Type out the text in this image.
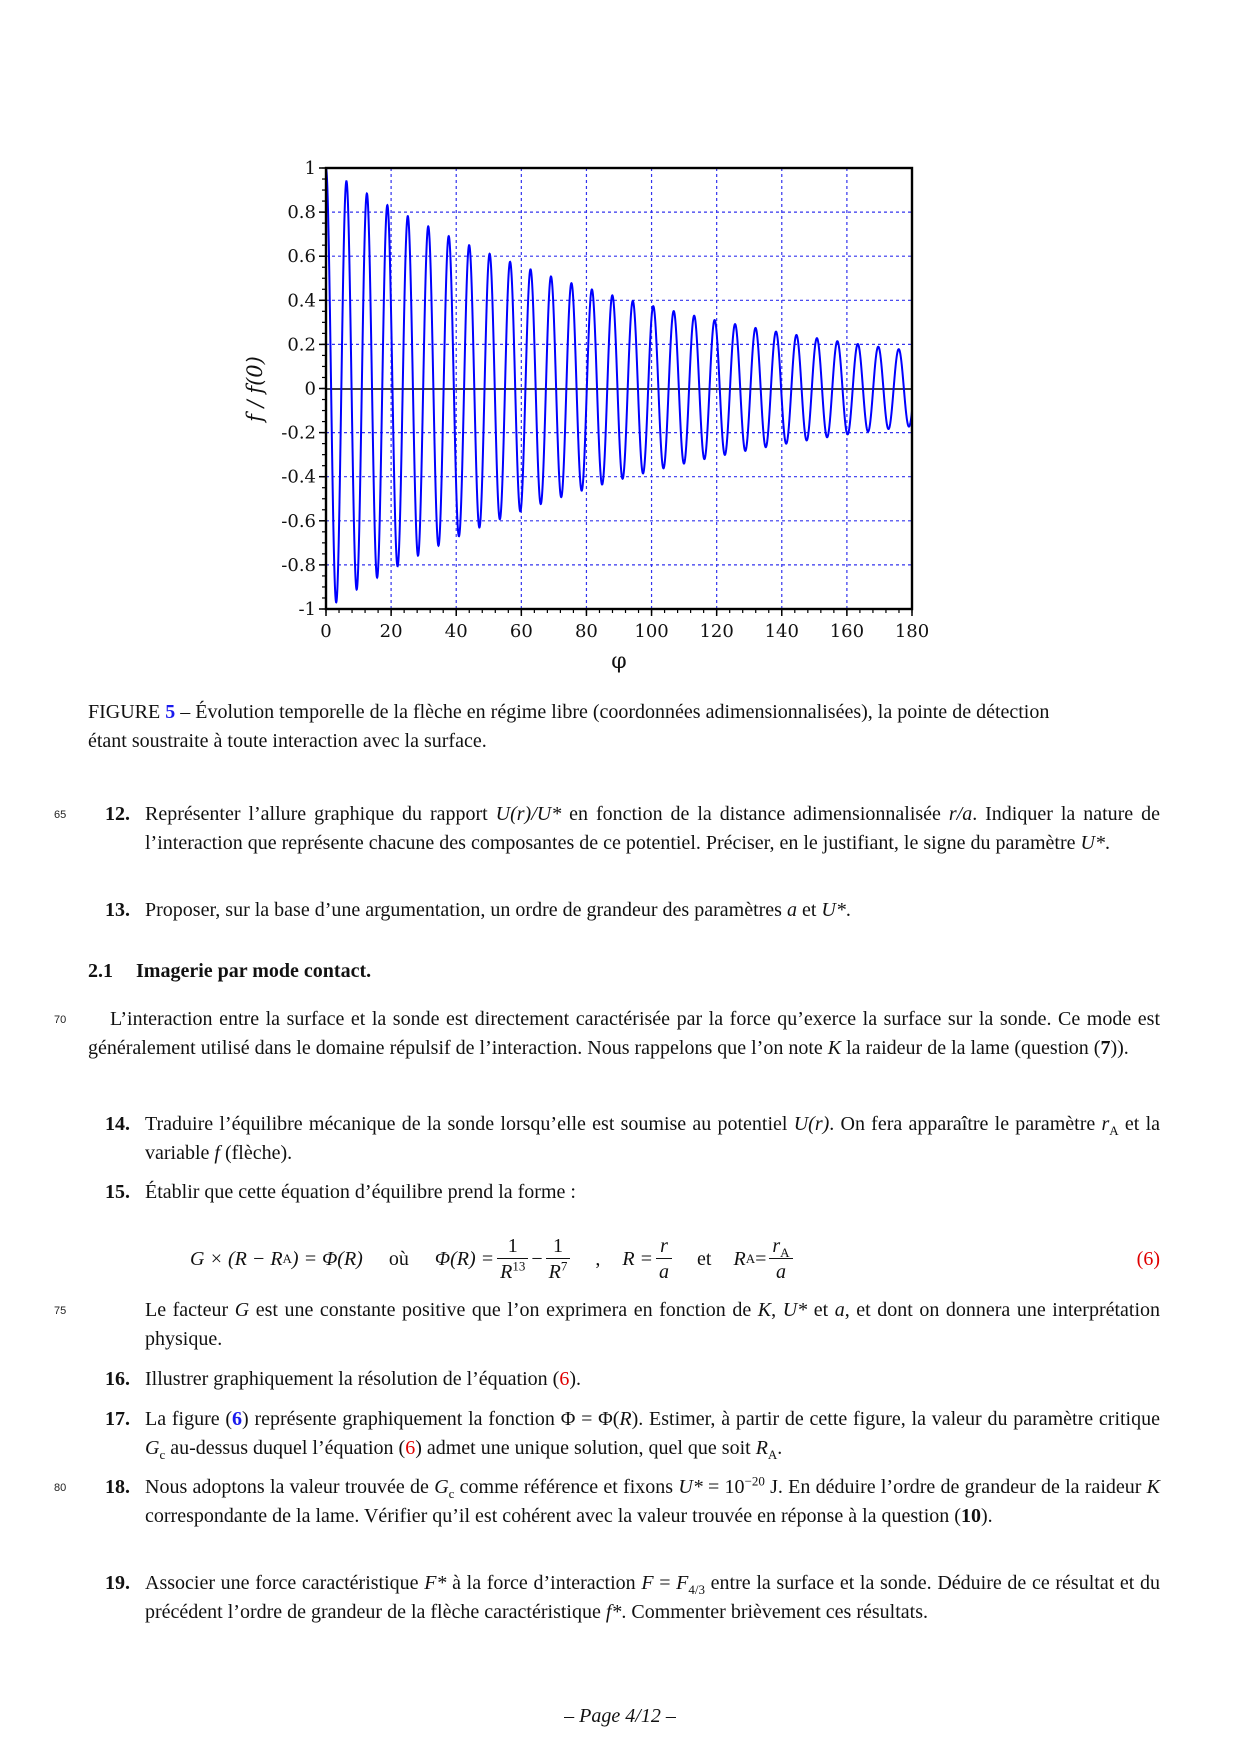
1
0.8
0.6
0.4
0.2
0
-0.2
-0.4
-0.6
-0.8
-1
0	20 40 60 80 100 120 140 160 180
φ
f / f(0)
FIGURE 5 – Évolution temporelle de la flèche en régime libre (coordonnées adimensionnalisées), la pointe de détection
étant soustraite à toute interaction avec la surface.
65 12. Représenter l’allure graphique du rapport U(r)/U* en fonction de la distance adimensionnalisée r/a. Indiquer la nature de l’interaction que représente chacune des composantes de ce potentiel. Préciser, en le justifiant, le signe du paramètre U*.
13. Proposer, sur la base d’une argumentation, un ordre de grandeur des paramètres a et U*.
2.1 Imagerie par mode contact.
70	L’interaction entre la surface et la sonde est directement caractérisée par la force qu’exerce la surface sur la sonde. Ce mode est généralement utilisé dans le domaine répulsif de l’interaction. Nous rappelons que l’on note K la raideur de la lame (question (7)).
14. Traduire l’équilibre mécanique de la sonde lorsqu’elle est soumise au potentiel U(r). On fera apparaître le paramètre $r_A$ et la variable f (flèche).
15. Établir que cette équation d’équilibre prend la forme :
G × (R − R A ) = Φ(R) où $\Phi(R) = \frac{1}{R^{13}} - \frac{1}{R^7}$ , $R = \frac{r}{a}$ et R $A = \frac{r_A}{a}$	(6)
75	Le facteur G est une constante positive que l’on exprimera en fonction de K, U* et a, et dont on donnera une interprétation physique.
16. Illustrer graphiquement la résolution de l’équation (6).
17. La figure (6) représente graphiquement la fonction Φ = Φ(R). Estimer, à partir de cette figure, la valeur du paramètre critique $G_c$ au-dessus duquel l’équation (6) admet une unique solution, quel que soit $R_A$.
80 18. Nous adoptons la valeur trouvée de $G_c$ comme référence et fixons $U* = 10^{-20}$ J. En déduire l’ordre de grandeur de la raideur K correspondante de la lame. Vérifier qu’il est cohérent avec la valeur trouvée en réponse à la question (10).
19. Associer une force caractéristique F* à la force d’interaction $F = F_{4/3}$ entre la surface et la sonde. Déduire de ce résultat et du précédent l’ordre de grandeur de la flèche caractéristique f*. Commenter brièvement ces résultats.
– Page 4/12 –
